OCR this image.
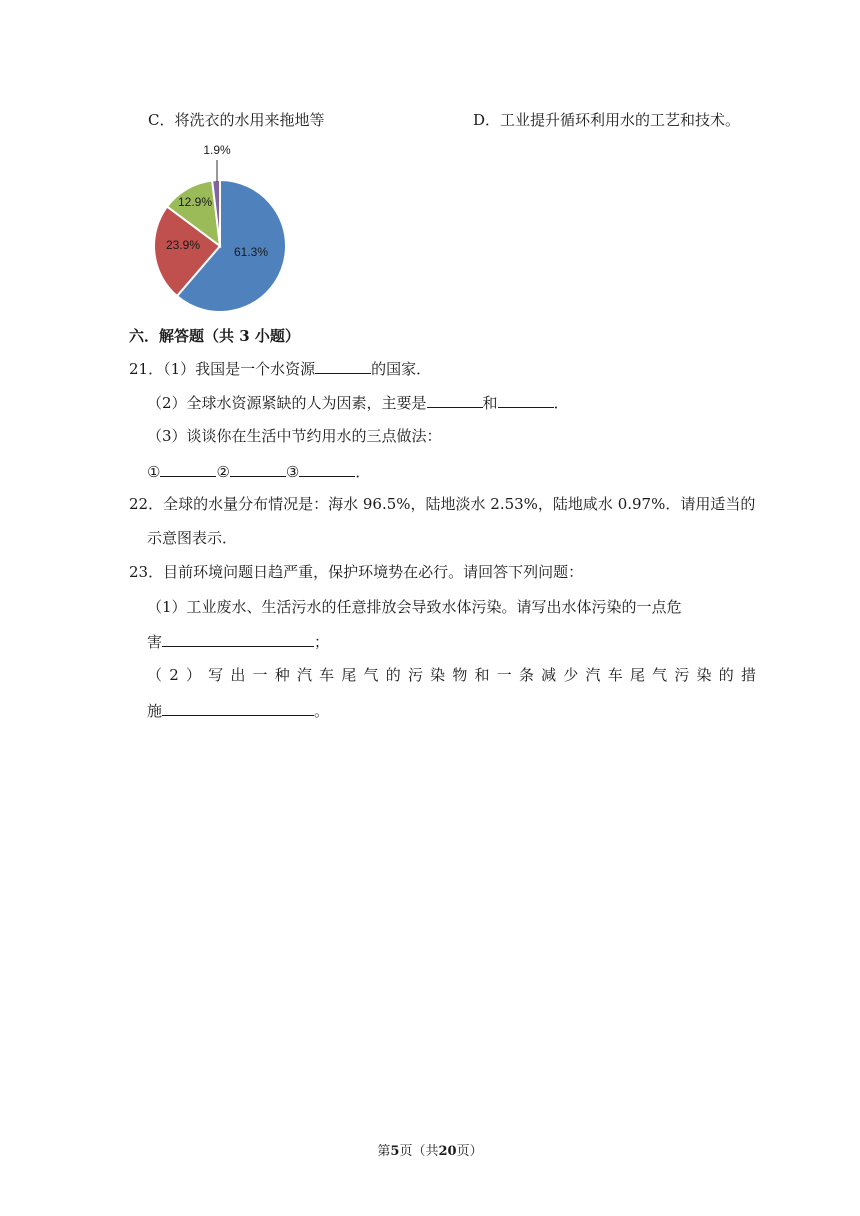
C．将洗衣的水用来拖地等	D．工业提升循环利用水的工艺和技术。
61.3%
23.9%
12.9%
1.9%
六．解答题（共 3 小题）
21．（1）我国是一个水资源	的国家．
（2）全球水资源紧缺的人为因素，主要是	和	．
（3）谈谈你在生活中节约用水的三点做法：
①	②	③	．
22．全球的水量分布情况是：海水 96.5%，陆地淡水 2.53%，陆地咸水 0.97%．请用适当的
示意图表示．
23．目前环境问题日趋严重，保护环境势在必行。请回答下列问题：
（1）工业废水、生活污水的任意排放会导致水体污染。请写出水体污染的一点危
害	；
（2）写出一种汽车尾气的污染物和一条减少汽车尾气污染的措
施	。
第5页（共20页）
